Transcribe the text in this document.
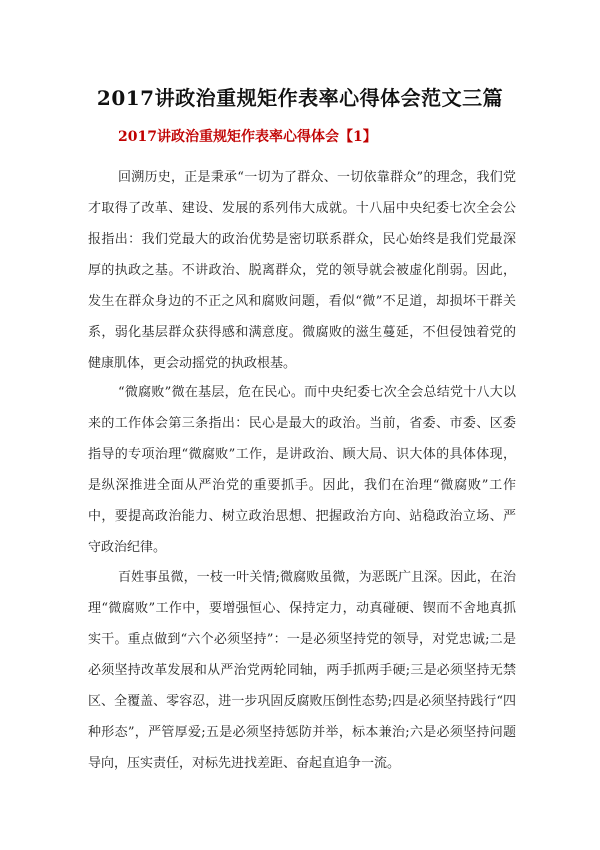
2017讲政治重规矩作表率心得体会范文三篇
2017讲政治重规矩作表率心得体会【1】

回溯历史，正是秉承“一切为了群众、一切依靠群众”的理念，我们党才取得了改革、建设、发展的系列伟大成就。十八届中央纪委七次全会公报指出：我们党最大的政治优势是密切联系群众，民心始终是我们党最深厚的执政之基。不讲政治、脱离群众，党的领导就会被虚化削弱。因此，发生在群众身边的不正之风和腐败问题，看似“微”不足道，却损坏干群关系，弱化基层群众获得感和满意度。微腐败的滋生蔓延，不但侵蚀着党的健康肌体，更会动摇党的执政根基。

“微腐败”微在基层，危在民心。而中央纪委七次全会总结党十八大以来的工作体会第三条指出：民心是最大的政治。当前，省委、市委、区委指导的专项治理“微腐败”工作，是讲政治、顾大局、识大体的具体体现，是纵深推进全面从严治党的重要抓手。因此，我们在治理“微腐败”工作中，要提高政治能力、树立政治思想、把握政治方向、站稳政治立场、严守政治纪律。

百姓事虽微，一枝一叶关情;微腐败虽微，为恶既广且深。因此，在治理“微腐败”工作中，要增强恒心、保持定力，动真碰硬、锲而不舍地真抓实干。重点做到“六个必须坚持”：一是必须坚持党的领导，对党忠诚;二是必须坚持改革发展和从严治党两轮同轴，两手抓两手硬;三是必须坚持无禁区、全覆盖、零容忍，进一步巩固反腐败压倒性态势;四是必须坚持践行“四种形态”，严管厚爱;五是必须坚持惩防并举，标本兼治;六是必须坚持问题导向，压实责任，对标先进找差距、奋起直追争一流。
